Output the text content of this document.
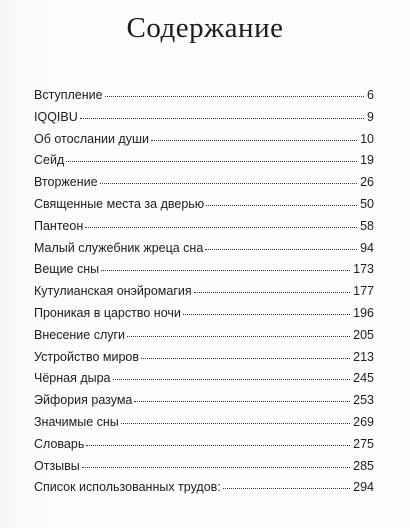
Содержание
Вступление	6
IQQIBU	9
Об отослании души	10
Сейд	19
Вторжение	26
Священные места за дверью	50
Пантеон	58
Малый служебник жреца сна	94
Вещие сны	173
Кутулианская онэйромагия	177
Проникая в царство ночи	196
Внесение слуги	205
Устройство миров	213
Чёрная дыра	245
Эйфория разума	253
Значимые сны	269
Словарь	275
Отзывы	285
Список использованных трудов:	294
